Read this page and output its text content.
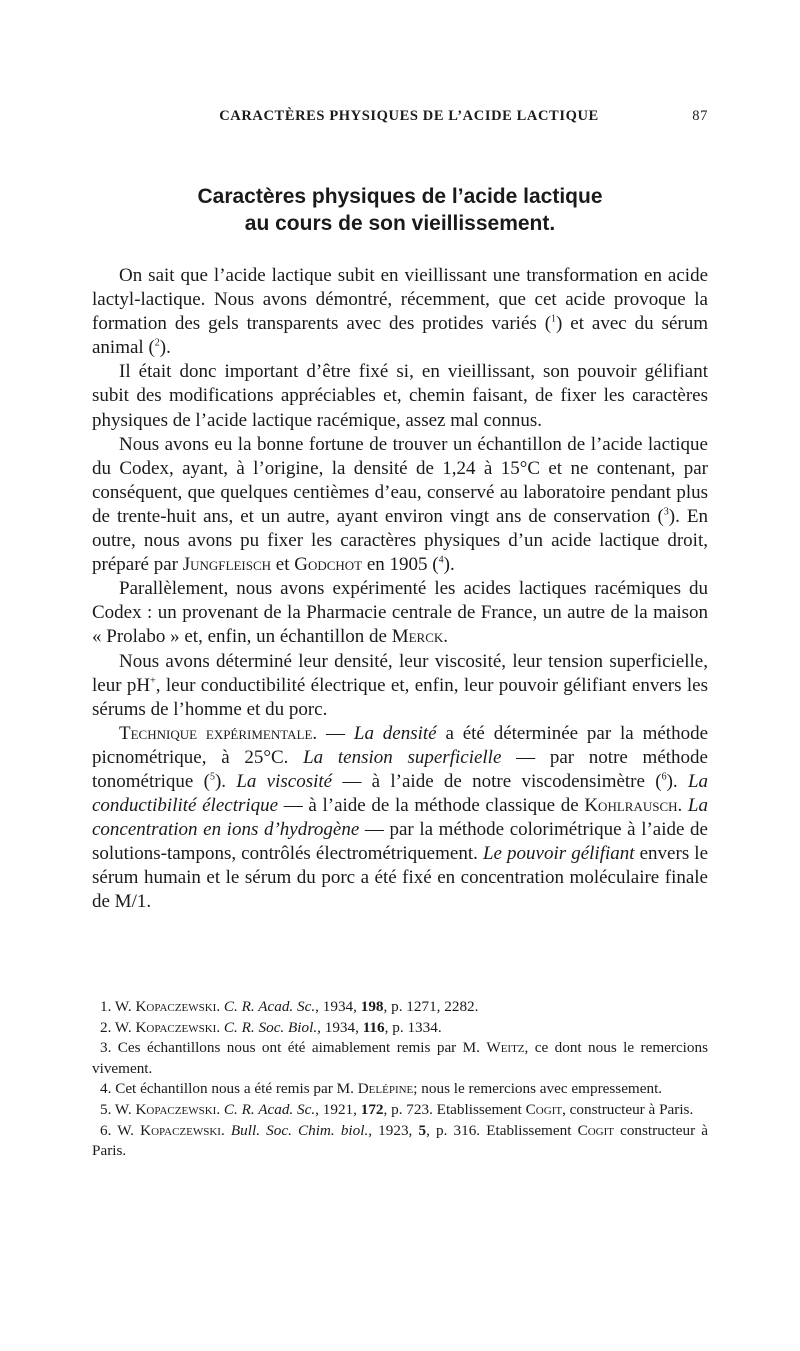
CARACTÈRES PHYSIQUES DE L’ACIDE LACTIQUE	87
Caractères physiques de l’acide lactique
au cours de son vieillissement.

On sait que l’acide lactique subit en vieillissant une transformation en acide lactyl-lactique. Nous avons démontré, récemment, que cet acide provoque la formation des gels transparents avec des protides variés ($^1$) et avec du sérum animal ($^2$).

Il était donc important d’être fixé si, en vieillissant, son pouvoir gélifiant subit des modifications appréciables et, chemin faisant, de fixer les caractères physiques de l’acide lactique racémique, assez mal connus.

Nous avons eu la bonne fortune de trouver un échantillon de l’acide lactique du Codex, ayant, à l’origine, la densité de 1,24 à 15°C et ne contenant, par conséquent, que quelques centièmes d’eau, conservé au laboratoire pendant plus de trente-huit ans, et un autre, ayant environ vingt ans de conservation ($^3$). En outre, nous avons pu fixer les caractères physiques d’un acide lactique droit, préparé par Jungfleisch et Godchot en 1905 ($^4$).

Parallèlement, nous avons expérimenté les acides lactiques racémiques du Codex : un provenant de la Pharmacie centrale de France, un autre de la maison « Prolabo » et, enfin, un échantillon de Merck.

Nous avons déterminé leur densité, leur viscosité, leur tension superficielle, leur pH+, leur conductibilité électrique et, enfin, leur pouvoir gélifiant envers les sérums de l’homme et du porc.

Technique expérimentale. — La densité a été déterminée par la méthode picnométrique, à 25°C. La tension superficielle — par notre méthode tonométrique ($^5$). La viscosité — à l’aide de notre viscodensimètre ($^6$). La conductibilité électrique — à l’aide de la méthode classique de Kohlrausch. La concentration en ions d’hydrogène — par la méthode colorimétrique à l’aide de solutions-tampons, contrôlés électrométriquement. Le pouvoir gélifiant envers le sérum humain et le sérum du porc a été fixé en concentration moléculaire finale de M/1.

1. W. Kopaczewski. C. R. Acad. Sc., 1934, 198, p. 1271, 2282.

2. W. Kopaczewski. C. R. Soc. Biol., 1934, 116, p. 1334.

3. Ces échantillons nous ont été aimablement remis par M. Weitz, ce dont nous le remercions vivement.

4. Cet échantillon nous a été remis par M. Delépine; nous le remercions avec empressement.

5. W. Kopaczewski. C. R. Acad. Sc., 1921, 172, p. 723. Etablissement Cogit, constructeur à Paris.

6. W. Kopaczewski. Bull. Soc. Chim. biol., 1923, 5, p. 316. Etablissement Cogit constructeur à Paris.
